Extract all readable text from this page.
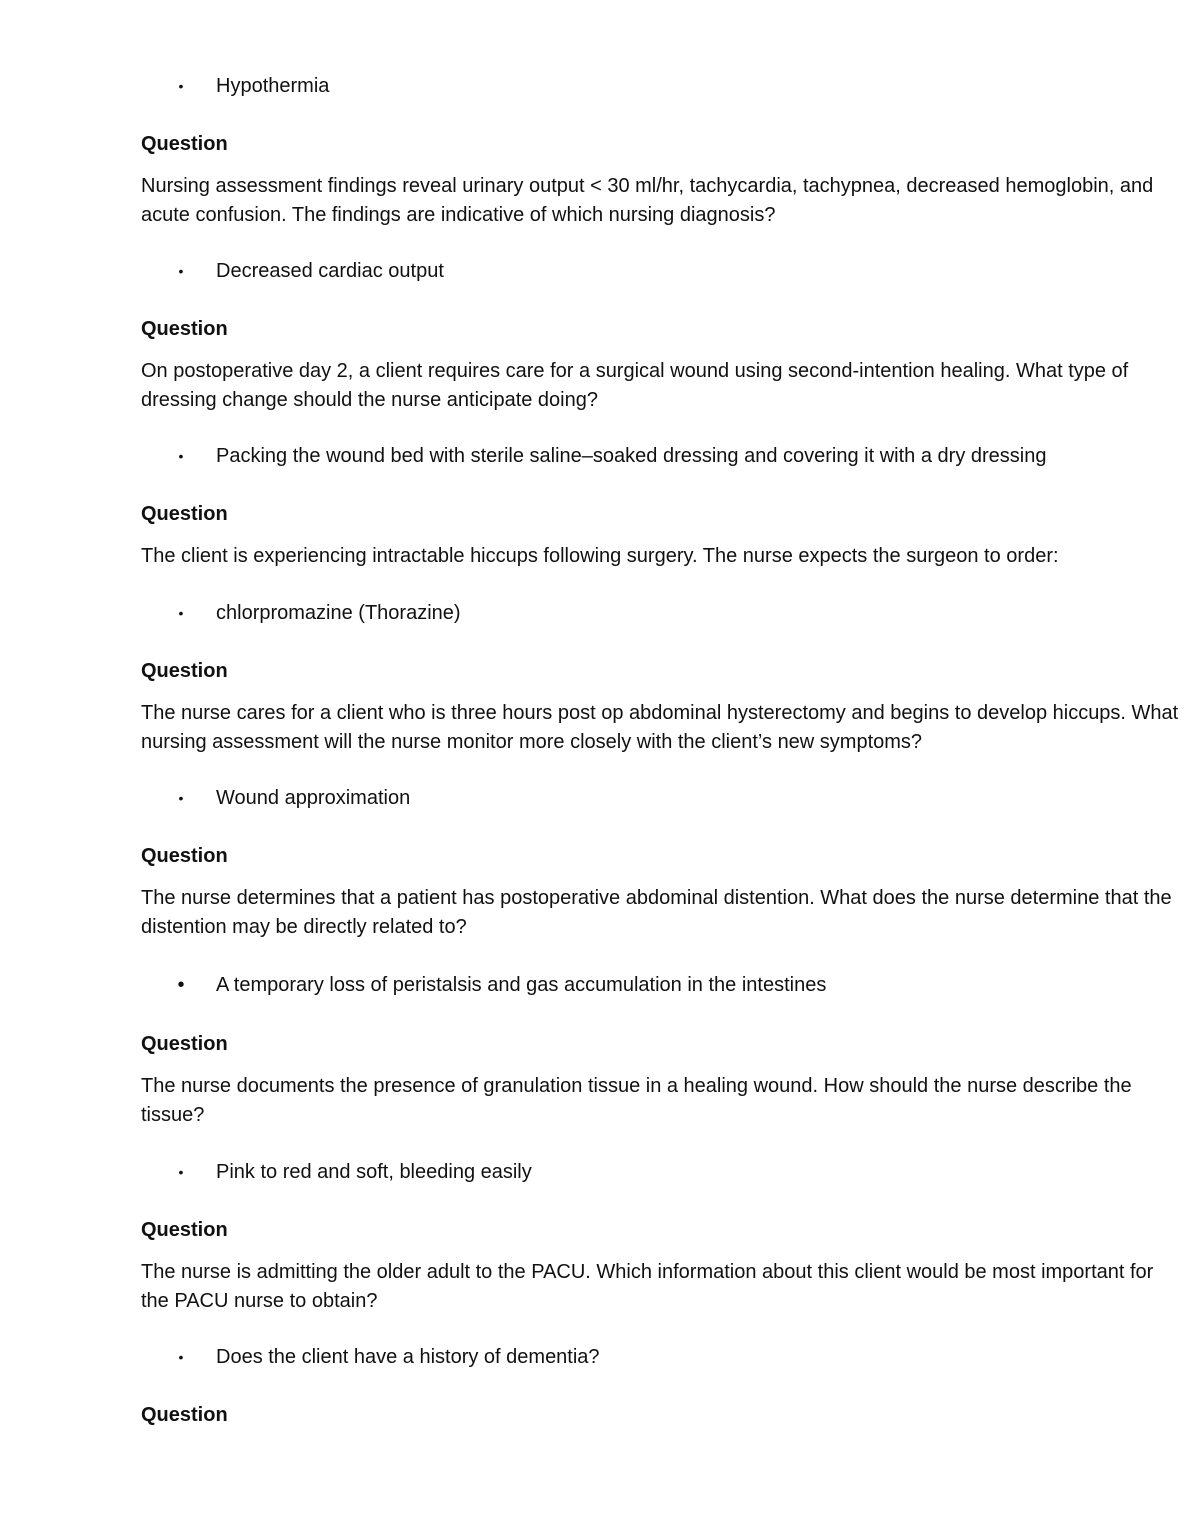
• Hypothermia
Question
Nursing assessment findings reveal urinary output < 30 ml/hr, tachycardia, tachypnea, decreased hemoglobin, and acute confusion. The findings are indicative of which nursing diagnosis?
• Decreased cardiac output
Question
On postoperative day 2, a client requires care for a surgical wound using second-intention healing. What type of dressing change should the nurse anticipate doing?
• Packing the wound bed with sterile saline–soaked dressing and covering it with a dry dressing
Question
The client is experiencing intractable hiccups following surgery. The nurse expects the surgeon to order:
• chlorpromazine (Thorazine)
Question
The nurse cares for a client who is three hours post op abdominal hysterectomy and begins to develop hiccups. What nursing assessment will the nurse monitor more closely with the client’s new symptoms?
• Wound approximation
Question
The nurse determines that a patient has postoperative abdominal distention. What does the nurse determine that the distention may be directly related to?
• A temporary loss of peristalsis and gas accumulation in the intestines
Question
The nurse documents the presence of granulation tissue in a healing wound. How should the nurse describe the tissue?
• Pink to red and soft, bleeding easily
Question
The nurse is admitting the older adult to the PACU. Which information about this client would be most important for the PACU nurse to obtain?
• Does the client have a history of dementia?
Question
